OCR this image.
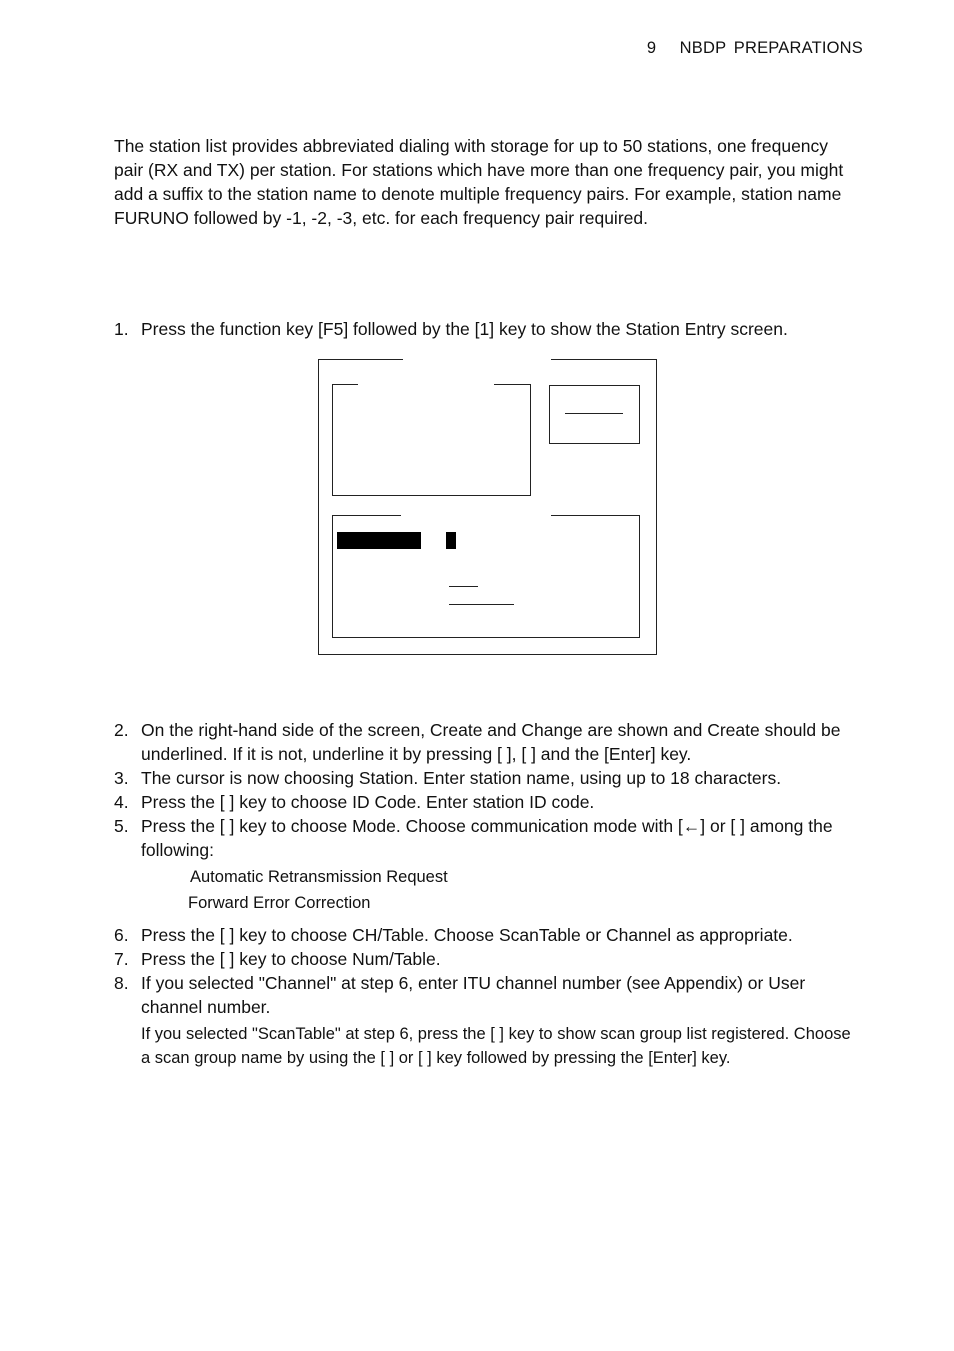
9 NBDP PREPARATIONS

The station list provides abbreviated dialing with storage for up to 50 stations, one frequency pair (RX and TX) per station. For stations which have more than one frequency pair, you might add a suffix to the station name to denote multiple frequency pairs. For example, station name FURUNO followed by -1, -2, -3, etc. for each frequency pair required.

1. Press the function key [F5] followed by the [1] key to show the Station Entry screen.
2. On the right-hand side of the screen, Create and Change are shown and Create should be underlined. If it is not, underline it by pressing [ ], [ ] and the [Enter] key.
3. The cursor is now choosing Station. Enter station name, using up to 18 characters.
4. Press the [ ] key to choose ID Code. Enter station ID code.
5. Press the [ ] key to choose Mode. Choose communication mode with [←] or [ ] among the following:
Automatic Retransmission Request
Forward Error Correction
6. Press the [ ] key to choose CH/Table. Choose ScanTable or Channel as appropriate.
7. Press the [ ] key to choose Num/Table.
8. If you selected "Channel" at step 6, enter ITU channel number (see Appendix) or User channel number.
If you selected "ScanTable" at step 6, press the [ ] key to show scan group list registered. Choose a scan group name by using the [ ] or [ ] key followed by pressing the [Enter] key.
